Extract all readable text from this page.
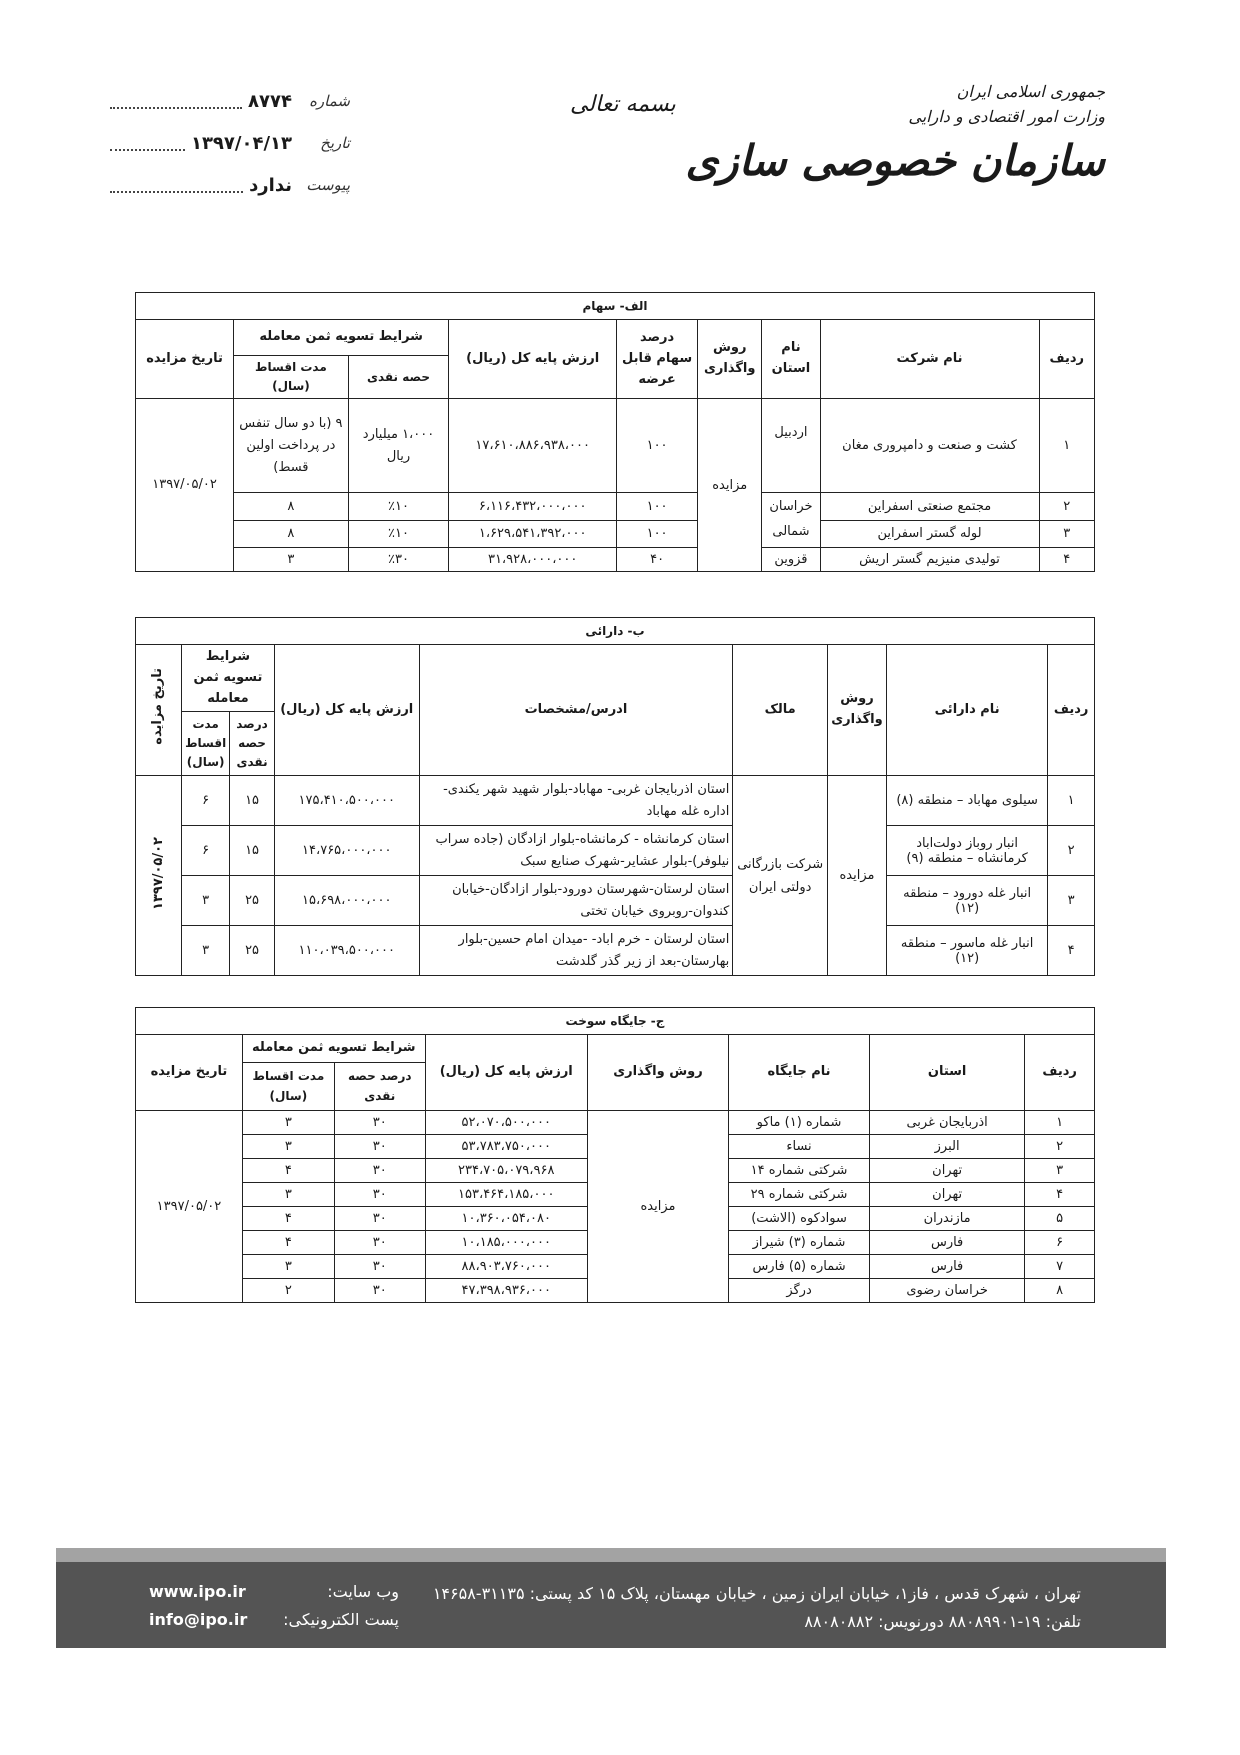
شماره
۸۷۷۴
تاریخ
۱۳۹۷/۰۴/۱۳
پیوست
ندارد
بسمه تعالی
جمهوری اسلامی ایران
وزارت امور اقتصادی و دارایی
سازمان خصوصی سازی
الف- سهام								
ردیف	نام شرکت	نام استان	روش واگذاری	درصد سهام قابل عرضه	ارزش پایه کل (ریال)	شرایط تسویه ثمن معامله		تاریخ مزایده
						حصه نقدی	مدت اقساط (سال)	
۱	کشت و صنعت و دامپروری مغان	اردبیل	مزایده	۱۰۰	۱۷،۶۱۰،۸۸۶،۹۳۸،۰۰۰	۱،۰۰۰ میلیارد ریال	۹ (با دو سال تنفس در پرداخت اولین قسط)	۱۳۹۷/۰۵/۰۲
۲	مجتمع صنعتی اسفراین	خراسان شمالی		۱۰۰	۶،۱۱۶،۴۳۲،۰۰۰،۰۰۰	٪۱۰	۸	
۳	لوله گستر اسفراین			۱۰۰	۱،۶۲۹،۵۴۱،۳۹۲،۰۰۰	٪۱۰	۸	
۴	تولیدی منیزیم گستر اریش	قزوین		۴۰	۳۱،۹۲۸،۰۰۰،۰۰۰	٪۳۰	۳	
ب- دارائی								
ردیف	نام دارائی	روش واگذاری	مالک	ادرس/مشخصات	ارزش پایه کل (ریال)	شرایط تسویه ثمن معامله		تاریخ مزایده
						درصد حصه نقدی	مدت اقساط (سال)	
۱	سیلوی مهاباد – منطقه (۸)	مزایده	شرکت بازرگانی دولتی ایران	استان اذربایجان غربی- مهاباد-بلوار شهید شهر یکندی- اداره غله مهاباد	۱۷۵،۴۱۰،۵۰۰،۰۰۰	۱۵	۶	۱۳۹۷/۰۵/۰۲
۲	انبار روباز دولت‌اباد کرمانشاه – منطقه (۹)			استان کرمانشاه - کرمانشاه-بلوار ازادگان (جاده سراب نیلوفر)-بلوار عشایر-شهرک صنایع سبک	۱۴،۷۶۵،۰۰۰،۰۰۰	۱۵	۶	
۳	انبار غله دورود – منطقه (۱۲)			استان لرستان-شهرستان دورود-بلوار ازادگان-خیابان کندوان-روبروی خیابان تختی	۱۵،۶۹۸،۰۰۰،۰۰۰	۲۵	۳	
۴	انبار غله ماسور – منطقه (۱۲)			استان لرستان - خرم اباد- -میدان امام حسین-بلوار بهارستان-بعد از زیر گذر گلدشت	۱۱۰،۰۳۹،۵۰۰،۰۰۰	۲۵	۳	
ج- جایگاه سوخت							
ردیف	استان	نام جایگاه	روش واگذاری	ارزش پایه کل (ریال)	شرایط تسویه ثمن معامله		تاریخ مزایده
					درصد حصه نقدی	مدت اقساط (سال)	
۱	اذربایجان غربی	شماره (۱) ماکو	مزایده	۵۲،۰۷۰،۵۰۰،۰۰۰	۳۰	۳	۱۳۹۷/۰۵/۰۲
۲	البرز	نساء		۵۳،۷۸۳،۷۵۰،۰۰۰	۳۰	۳	
۳	تهران	شرکتی شماره ۱۴		۲۳۴،۷۰۵،۰۷۹،۹۶۸	۳۰	۴	
۴	تهران	شرکتی شماره ۲۹		۱۵۳،۴۶۴،۱۸۵،۰۰۰	۳۰	۳	
۵	مازندران	سوادکوه (الاشت)		۱۰،۳۶۰،۰۵۴،۰۸۰	۳۰	۴	
۶	فارس	شماره (۳) شیراز		۱۰،۱۸۵،۰۰۰،۰۰۰	۳۰	۴	
۷	فارس	شماره (۵) فارس		۸۸،۹۰۳،۷۶۰،۰۰۰	۳۰	۳	
۸	خراسان رضوی	درگز		۴۷،۳۹۸،۹۳۶،۰۰۰	۳۰	۲	
تهران ، شهرک قدس ، فاز۱، خیابان ایران زمین ، خیابان مهستان، پلاک ۱۵ کد پستی: ۳۱۱۳۵-۱۴۶۵۸
تلفن: ۱۹-۸۸۰۸۹۹۰۱ دورنویس: ۸۸۰۸۰۸۸۲
وب سایت:
www.ipo.ir
پست الکترونیکی:
info@ipo.ir
